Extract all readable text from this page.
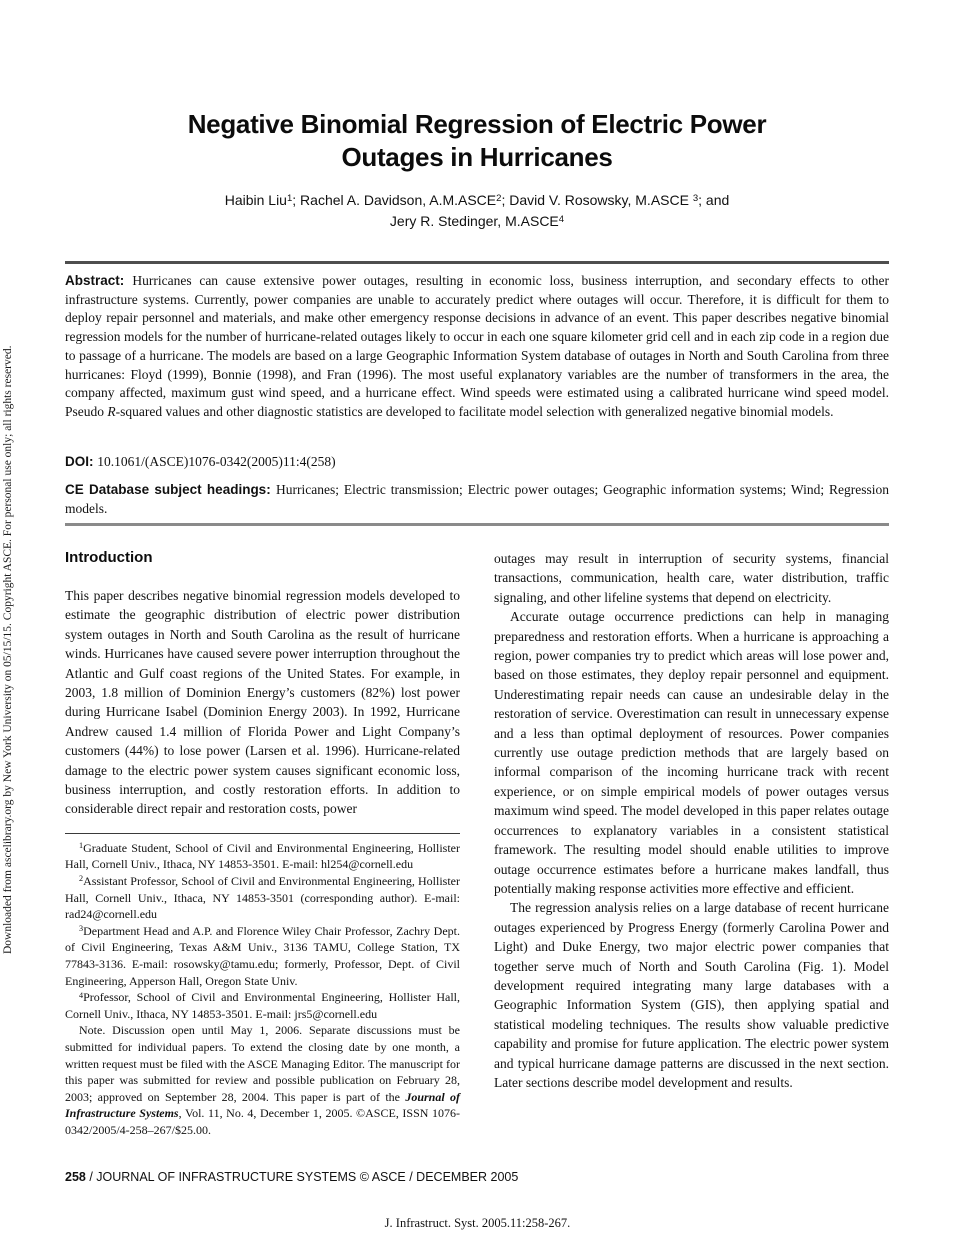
Downloaded from ascelibrary.org by New York University on 05/15/15. Copyright ASCE. For personal use only; all rights reserved.
Negative Binomial Regression of Electric Power
Outages in Hurricanes
Haibin Liu$^1$; Rachel A. Davidson, A.M.ASCE$^2$; David V. Rosowsky, M.ASCE $^3$; and
Jery R. Stedinger, M.ASCE$^4$
Abstract: Hurricanes can cause extensive power outages, resulting in economic loss, business interruption, and secondary effects to other infrastructure systems. Currently, power companies are unable to accurately predict where outages will occur. Therefore, it is difficult for them to deploy repair personnel and materials, and make other emergency response decisions in advance of an event. This paper describes negative binomial regression models for the number of hurricane-related outages likely to occur in each one square kilometer grid cell and in each zip code in a region due to passage of a hurricane. The models are based on a large Geographic Information System database of outages in North and South Carolina from three hurricanes: Floyd (1999), Bonnie (1998), and Fran (1996). The most useful explanatory variables are the number of transformers in the area, the company affected, maximum gust wind speed, and a hurricane effect. Wind speeds were estimated using a calibrated hurricane wind speed model. Pseudo R-squared values and other diagnostic statistics are developed to facilitate model selection with generalized negative binomial models.
DOI: 10.1061/(ASCE)1076-0342(2005)11:4(258)
CE Database subject headings: Hurricanes; Electric transmission; Electric power outages; Geographic information systems; Wind; Regression models.
Introduction

This paper describes negative binomial regression models developed to estimate the geographic distribution of electric power distribution system outages in North and South Carolina as the result of hurricane winds. Hurricanes have caused severe power interruption throughout the Atlantic and Gulf coast regions of the United States. For example, in 2003, 1.8 million of Dominion Energy’s customers (82%) lost power during Hurricane Isabel (Dominion Energy 2003). In 1992, Hurricane Andrew caused 1.4 million of Florida Power and Light Company’s customers (44%) to lose power (Larsen et al. 1996). Hurricane-related damage to the electric power system causes significant economic loss, business interruption, and costly restoration efforts. In addition to considerable direct repair and restoration costs, power

$^1$Graduate Student, School of Civil and Environmental Engineering, Hollister Hall, Cornell Univ., Ithaca, NY 14853-3501. E-mail: hl254@cornell.edu

$^2$Assistant Professor, School of Civil and Environmental Engineering, Hollister Hall, Cornell Univ., Ithaca, NY 14853-3501 (corresponding author). E-mail: rad24@cornell.edu

$^3$Department Head and A.P. and Florence Wiley Chair Professor, Zachry Dept. of Civil Engineering, Texas A&M Univ., 3136 TAMU, College Station, TX 77843-3136. E-mail: rosowsky@tamu.edu; formerly, Professor, Dept. of Civil Engineering, Apperson Hall, Oregon State Univ.

$^4$Professor, School of Civil and Environmental Engineering, Hollister Hall, Cornell Univ., Ithaca, NY 14853-3501. E-mail: jrs5@cornell.edu

Note. Discussion open until May 1, 2006. Separate discussions must be submitted for individual papers. To extend the closing date by one month, a written request must be filed with the ASCE Managing Editor. The manuscript for this paper was submitted for review and possible publication on February 28, 2003; approved on September 28, 2004. This paper is part of the Journal of Infrastructure Systems, Vol. 11, No. 4, December 1, 2005. ©ASCE, ISSN 1076-0342/2005/4-258–267/$25.00.

outages may result in interruption of security systems, financial transactions, communication, health care, water distribution, traffic signaling, and other lifeline systems that depend on electricity.

Accurate outage occurrence predictions can help in managing preparedness and restoration efforts. When a hurricane is approaching a region, power companies try to predict which areas will lose power and, based on those estimates, they deploy repair personnel and equipment. Underestimating repair needs can cause an undesirable delay in the restoration of service. Overestimation can result in unnecessary expense and a less than optimal deployment of resources. Power companies currently use outage prediction methods that are largely based on informal comparison of the incoming hurricane track with recent experience, or on simple empirical models of power outages versus maximum wind speed. The model developed in this paper relates outage occurrences to explanatory variables in a consistent statistical framework. The resulting model should enable utilities to improve outage occurrence estimates before a hurricane makes landfall, thus potentially making response activities more effective and efficient.

The regression analysis relies on a large database of recent hurricane outages experienced by Progress Energy (formerly Carolina Power and Light) and Duke Energy, two major electric power companies that together serve much of North and South Carolina (Fig. 1). Model development required integrating many large databases with a Geographic Information System (GIS), then applying spatial and statistical modeling techniques. The results show valuable predictive capability and promise for future application. The electric power system and typical hurricane damage patterns are discussed in the next section. Later sections describe model development and results.

258 / JOURNAL OF INFRASTRUCTURE SYSTEMS © ASCE / DECEMBER 2005
J. Infrastruct. Syst. 2005.11:258-267.
